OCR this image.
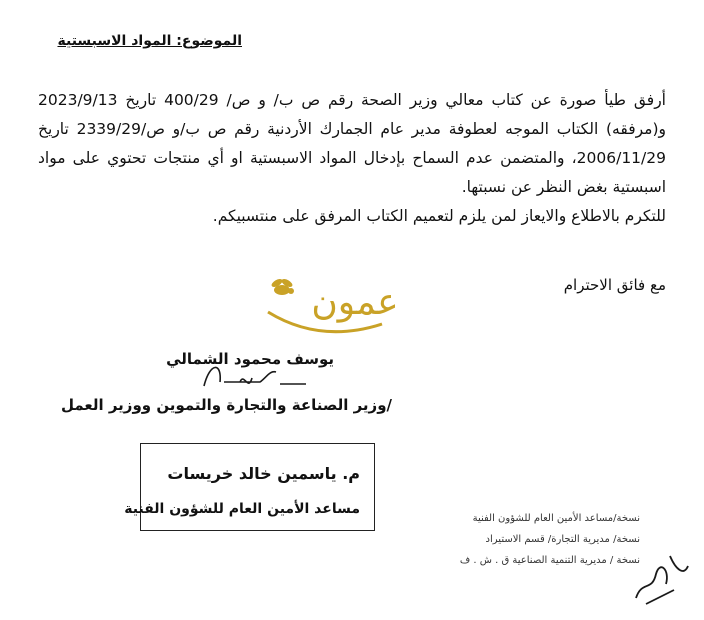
الموضوع: المواد الاسبستية

أرفق طيأ صورة عن كتاب معالي وزير الصحة رقم ص ب/ و ص/ 400/29 تاريخ 2023/9/13 و(مرفقه) الكتاب الموجه لعطوفة مدير عام الجمارك الأردنية رقم ص ب/و ص/2339/29 تاريخ 2006/11/29، والمتضمن عدم السماح بإدخال المواد الاسبستية او أي منتجات تحتوي على مواد اسبستية بغض النظر عن نسبتها.

للتكرم بالاطلاع والايعاز لمن يلزم لتعميم الكتاب المرفق على منتسبيكم.

مع فائق الاحترام
عمون
يوسف محمود الشمالي
/وزير الصناعة والتجارة والتموين ووزير العمل
م. ياسمين خالد خريسات
مساعد الأمين العام للشؤون الفنية
نسخة/مساعد الأمين العام للشؤون الفنية
نسخة/ مديرية التجارة/ قسم الاستيراد
نسخة / مديرية التنمية الصناعية ق . ش . ف
